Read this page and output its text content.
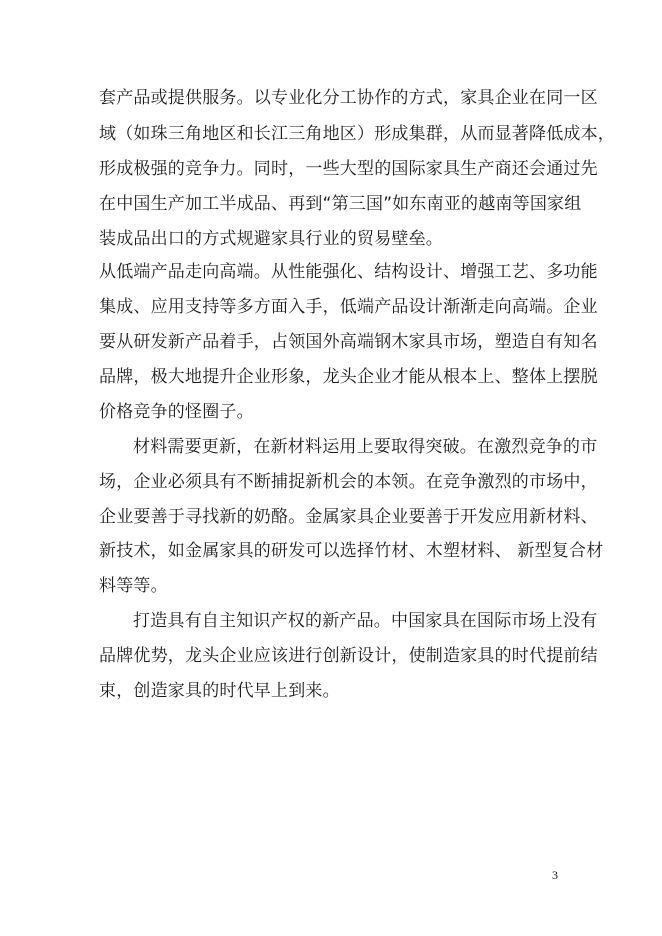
套产品或提供服务。以专业化分工协作的方式，家具企业在同一区
域（如珠三角地区和长江三角地区）形成集群，从而显著降低成本，
形成极强的竞争力。同时，一些大型的国际家具生产商还会通过先
在中国生产加工半成品、再到“第三国”如东南亚的越南等国家组
装成品出口的方式规避家具行业的贸易壁垒。
从低端产品走向高端。从性能强化、结构设计、增强工艺、多功能
集成、应用支持等多方面入手，低端产品设计渐渐走向高端。企业
要从研发新产品着手，占领国外高端钢木家具市场，塑造自有知名
品牌，极大地提升企业形象，龙头企业才能从根本上、整体上摆脱
价格竞争的怪圈子。
材料需要更新，在新材料运用上要取得突破。在激烈竞争的市
场，企业必须具有不断捕捉新机会的本领。在竞争激烈的市场中，
企业要善于寻找新的奶酪。金属家具企业要善于开发应用新材料、
新技术，如金属家具的研发可以选择竹材、木塑材料、 新型复合材
料等等。
打造具有自主知识产权的新产品。中国家具在国际市场上没有
品牌优势，龙头企业应该进行创新设计，使制造家具的时代提前结
束，创造家具的时代早上到来。
3
